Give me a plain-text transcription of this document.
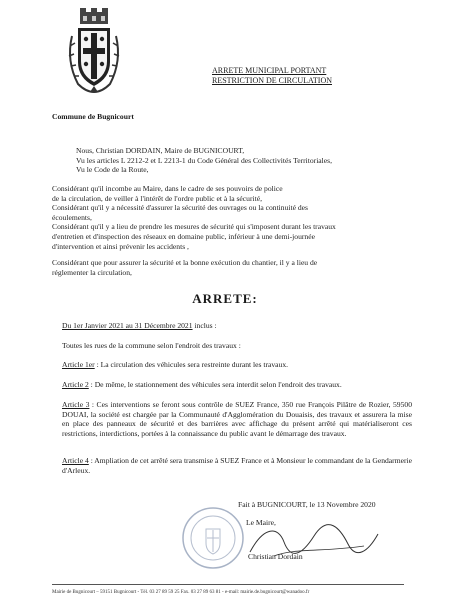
Commune de Bugnicourt
ARRETE MUNICIPAL PORTANT
RESTRICTION DE CIRCULATION
Nous, Christian DORDAIN, Maire de BUGNICOURT,
Vu les articles L 2212-2 et L 2213-1 du Code Général des Collectivités Territoriales,
Vu le Code de la Route,
Considérant qu'il incombe au Maire, dans le cadre de ses pouvoirs de police
de la circulation, de veiller à l'intérêt de l'ordre public et à la sécurité,
Considérant qu'il y a nécessité d'assurer la sécurité des ouvrages ou la continuité des
écoulements,
Considérant qu'il y a lieu de prendre les mesures de sécurité qui s'imposent durant les travaux
d'entretien et d'inspection des réseaux en domaine public, inférieur à une demi-journée
d'intervention et ainsi prévenir les accidents ,
Considérant que pour assurer la sécurité et la bonne exécution du chantier, il y a lieu de
réglementer la circulation,
ARRETE:
Du 1er Janvier 2021 au 31 Décembre 2021 inclus :
Toutes les rues de la commune selon l'endroit des travaux :
Article 1er : La circulation des véhicules sera restreinte durant les travaux.
Article 2 : De même, le stationnement des véhicules sera interdit selon l'endroit des travaux.
Article 3 : Ces interventions se feront sous contrôle de SUEZ France, 350 rue François Pilâtre de Rozier, 59500 DOUAI, la société est chargée par la Communauté d'Agglomération du Douaisis, des travaux et assurera la mise en place des panneaux de sécurité et des barrières avec affichage du présent arrêté qui matérialiseront ces restrictions, interdictions, portées à la connaissance du public avant le démarrage des travaux.
Article 4 : Ampliation de cet arrêté sera transmise à SUEZ France et à Monsieur le commandant de la Gendarmerie d'Arleux.
Fait à BUGNICOURT, le 13 Novembre 2020
Le Maire,
Christian Dordain
Mairie de Bugnicourt – 59151 Bugnicourt - Tél. 03 27 89 59 25 Fax. 03 27 89 63 81 - e-mail: mairie.de.bugnicourt@wanadoo.fr
